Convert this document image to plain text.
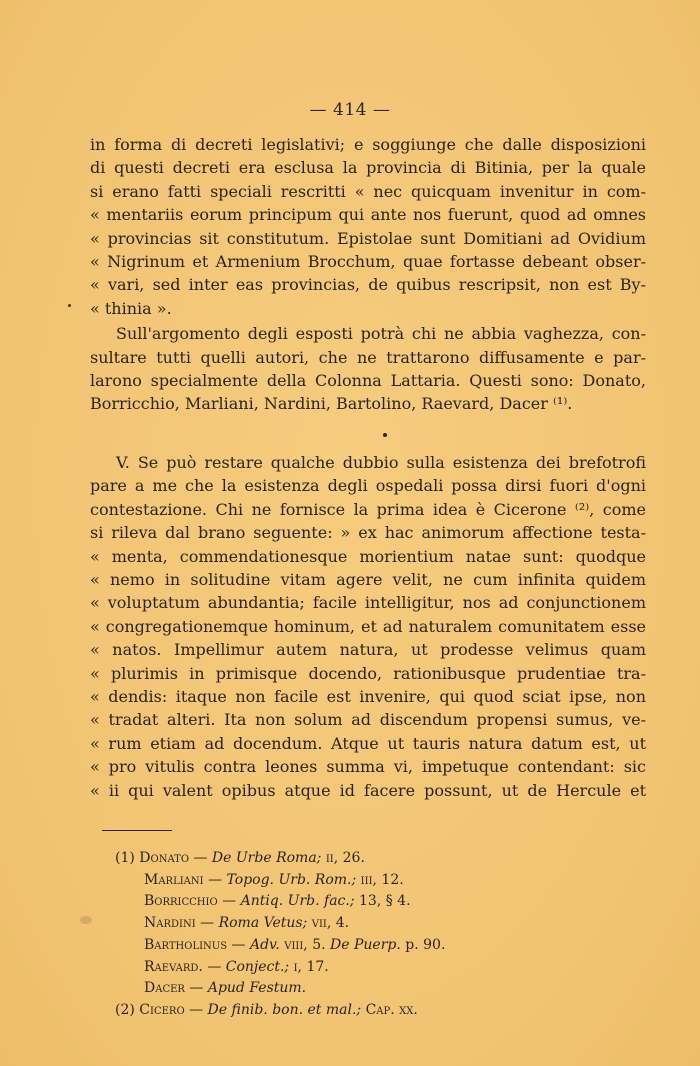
— 414 —
in forma di decreti legislativi; e soggiunge che dalle disposizioni
di questi decreti era esclusa la provincia di Bitinia, per la quale
si erano fatti speciali rescritti « nec quicquam invenitur in com-
« mentariis eorum principum qui ante nos fuerunt, quod ad omnes
« provincias sit constitutum. Epistolae sunt Domitiani ad Ovidium
« Nigrinum et Armenium Brocchum, quae fortasse debeant obser-
« vari, sed inter eas provincias, de quibus rescripsit, non est By-
« thinia ».
Sull'argomento degli esposti potrà chi ne abbia vaghezza, con-
sultare tutti quelli autori, che ne trattarono diffusamente e par-
larono specialmente della Colonna Lattaria. Questi sono: Donato,
Borricchio, Marliani, Nardini, Bartolino, Raevard, Dacer ⁽¹⁾.
V. Se può restare qualche dubbio sulla esistenza dei brefotrofi
pare a me che la esistenza degli ospedali possa dirsi fuori d'ogni
contestazione. Chi ne fornisce la prima idea è Cicerone ⁽²⁾, come
si rileva dal brano seguente: » ex hac animorum affectione testa-
« menta, commendationesque morientium natae sunt: quodque
« nemo in solitudine vitam agere velit, ne cum infinita quidem
« voluptatum abundantia; facile intelligitur, nos ad conjunctionem
« congregationemque hominum, et ad naturalem comunitatem esse
« natos. Impellimur autem natura, ut prodesse velimus quam
« plurimis in primisque docendo, rationibusque prudentiae tra-
« dendis: itaque non facile est invenire, qui quod sciat ipse, non
« tradat alteri. Ita non solum ad discendum propensi sumus, ve-
« rum etiam ad docendum. Atque ut tauris natura datum est, ut
« pro vitulis contra leones summa vi, impetuque contendant: sic
« ii qui valent opibus atque id facere possunt, ut de Hercule et
(1) Donato — De Urbe Roma; ii, 26.
Marliani — Topog. Urb. Rom.; iii, 12.
Borricchio — Antiq. Urb. fac.; 13, § 4.
Nardini — Roma Vetus; vii, 4.
Bartholinus — Adv. viii, 5. De Puerp. p. 90.
Raevard. — Conject.; i, 17.
Dacer — Apud Festum.
(2) Cicero — De finib. bon. et mal.; Cap. xx.
